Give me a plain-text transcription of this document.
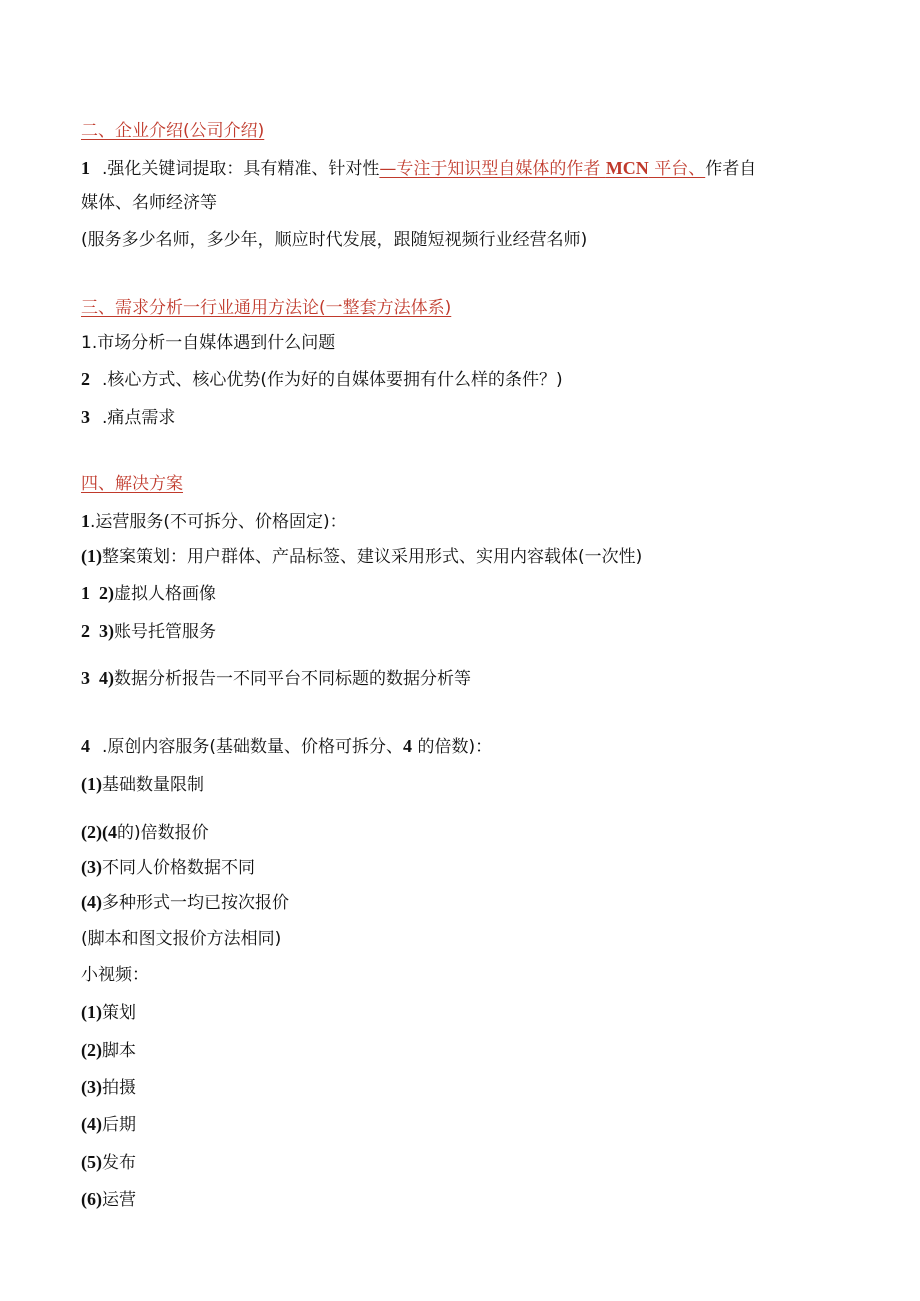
二、企业介绍(公司介绍)
1 .强化关键词提取：具有精准、针对性—专注于知识型自媒体的作者 MCN 平台、作者自
媒体、名师经济等
(服务多少名师，多少年，顺应时代发展，跟随短视频行业经营名师)
三、需求分析一行业通用方法论(一整套方法体系)
1.市场分析一自媒体遇到什么问题
2 .核心方式、核心优势(作为好的自媒体要拥有什么样的条件？)
3 .痛点需求
四、解决方案
1.运营服务(不可拆分、价格固定)：
(1)整案策划：用户群体、产品标签、建议采用形式、实用内容载体(一次性)
1  2)虚拟人格画像
2  3)账号托管服务
3  4)数据分析报告一不同平台不同标题的数据分析等
4 .原创内容服务(基础数量、价格可拆分、4 的倍数)：
(1)基础数量限制
(2)(4的)倍数报价
(3)不同人价格数据不同
(4)多种形式一均已按次报价
(脚本和图文报价方法相同)
小视频：
(1)策划
(2)脚本
(3)拍摄
(4)后期
(5)发布
(6)运营
